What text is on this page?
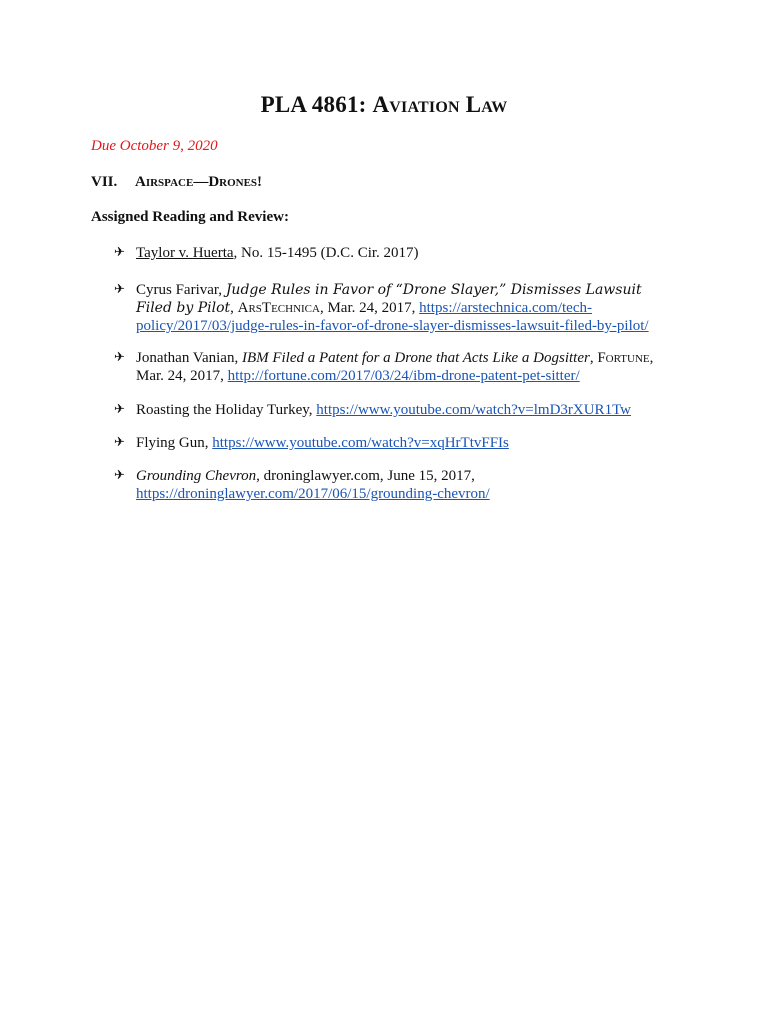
PLA 4861: Aviation Law
Due October 9, 2020
VII. Airspace—Drones!
Assigned Reading and Review:
✈ Taylor v. Huerta, No. 15-1495 (D.C. Cir. 2017)
✈ Cyrus Farivar, Judge Rules in Favor of “Drone Slayer,” Dismisses Lawsuit Filed by Pilot, ArsTechnica, Mar. 24, 2017, https://arstechnica.com/tech-policy/2017/03/judge-rules-in-favor-of-drone-slayer-dismisses-lawsuit-filed-by-pilot/
✈ Jonathan Vanian, IBM Filed a Patent for a Drone that Acts Like a Dogsitter, Fortune, Mar. 24, 2017, http://fortune.com/2017/03/24/ibm-drone-patent-pet-sitter/
✈ Roasting the Holiday Turkey, https://www.youtube.com/watch?v=lmD3rXUR1Tw
✈ Flying Gun, https://www.youtube.com/watch?v=xqHrTtvFFIs
✈ Grounding Chevron, droninglawyer.com, June 15, 2017,
https://droninglawyer.com/2017/06/15/grounding-chevron/
